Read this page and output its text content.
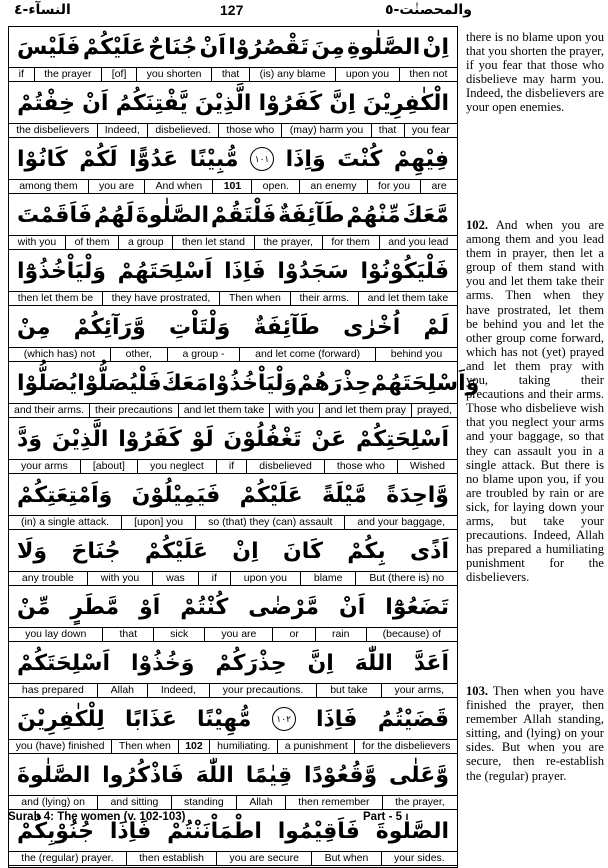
النسآء-٤	127	والمحصنٰت-٥
فَلَيْسَ عَلَيْكُمْ جُنَاحٌ اَنْ تَقْصُرُوْا مِنَ الصَّلٰوةِ اِنْ
if	the prayer	[of]	you shorten	that	(is) any blame	upon you	then not
خِفْتُمْ اَنْ يَّفْتِنَكُمُ الَّذِيْنَ كَفَرُوْا اِنَّ الْكٰفِرِيْنَ
the disbelievers	Indeed,	disbelieved.	those who	(may) harm you	that	you fear
كَانُوْا لَكُمْ عَدُوًّا مُّبِيْنًا	١٠١ وَاِذَا كُنْتَ فِيْهِمْ
among them	you are	And when	101	open.	an enemy	for you	are
فَاَقَمْتَ لَهُمُ الصَّلٰوةَ فَلْتَقُمْ طَآئِفَةٌ مِّنْهُمْ مَّعَكَ
with you	of them	a group	then let stand	the prayer,	for them	and you lead
وَلْيَاْخُذُوْٓا اَسْلِحَتَهُمْ فَاِذَا سَجَدُوْا فَلْيَكُوْنُوْا
then let them be	they have prostrated,	Then when	their arms.	and let them take
مِنْ وَّرَآئِكُمْ وَلْتَاْتِ طَآئِفَةٌ اُخْرٰى لَمْ
(which has) not	other,	a group -	and let come (forward)	behind you
يُصَلُّوْا فَلْيُصَلُّوْا مَعَكَ وَلْيَاْخُذُوْا حِذْرَهُمْ وَاَسْلِحَتَهُمْ
and their arms.	their precautions	and let them take	with you	and let them pray	prayed,
وَدَّ الَّذِيْنَ كَفَرُوْا لَوْ تَغْفُلُوْنَ عَنْ اَسْلِحَتِكُمْ
your arms	[about]	you neglect	if	disbelieved	those who	Wished
وَاَمْتِعَتِكُمْ فَيَمِيْلُوْنَ عَلَيْكُمْ مَّيْلَةً وَّاحِدَةً
(in) a single attack.	[upon] you	so (that) they (can) assault	and your baggage,
وَلَا جُنَاحَ عَلَيْكُمْ اِنْ كَانَ بِكُمْ اَذًى
any trouble	with you	was	if	upon you	blame	But (there is) no
مِّنْ مَّطَرٍ اَوْ كُنْتُمْ مَّرْضٰى اَنْ تَضَعُوْٓا
you lay down	that	sick	you are	or	rain	(because) of
اَسْلِحَتَكُمْ وَخُذُوْا حِذْرَكُمْ اِنَّ اللّٰهَ اَعَدَّ
has prepared	Allah	Indeed,	your precautions.	but take	your arms,
لِلْكٰفِرِيْنَ عَذَابًا مُّهِيْنًا	١٠٢ فَاِذَا قَضَيْتُمُ
you (have) finished	Then when	102	humiliating.	a punishment	for the disbelievers
الصَّلٰوةَ فَاذْكُرُوا اللّٰهَ قِيٰمًا وَّقُعُوْدًا وَّعَلٰى
and (lying) on	and sitting	standing	Allah	then remember	the prayer,
جُنُوْبِكُمْ فَاِذَا اطْمَاْنَنْتُمْ فَاَقِيْمُوا الصَّلٰوةَ
the (regular) prayer.	then establish	you are secure	But when	your sides.
there is no blame upon you that you shorten the prayer, if you fear that those who disbelieve may harm you. Indeed, the disbelievers are your open enemies.
102. And when you are among them and you lead them in prayer, then let a group of them stand with you and let them take their arms. Then when they have prostrated, let them be behind you and let the other group come forward, which has not (yet) prayed and let them pray with you, taking their precautions and their arms. Those who disbelieve wish that you neglect your arms and your baggage, so that they can assault you in a single attack. But there is no blame upon you, if you are troubled by rain or are sick, for laying down your arms, but take your precautions. Indeed, Allah has prepared a humiliating punishment for the disbelievers.
103. Then when you have finished the prayer, then remember Allah standing, sitting, and (lying) on your sides. But when you are secure, then re-establish the (regular) prayer.
Surah 4: The women (v. 102-103)	Part - 5
